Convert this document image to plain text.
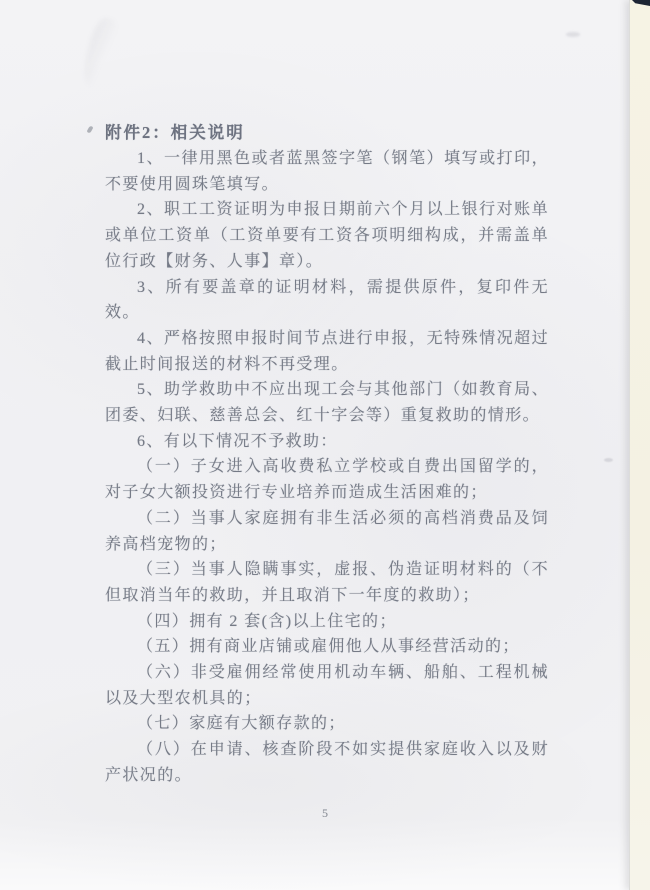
附件2：相关说明

1、一律用黑色或者蓝黑签字笔（钢笔）填写或打印，不要使用圆珠笔填写。

2、职工工资证明为申报日期前六个月以上银行对账单或单位工资单（工资单要有工资各项明细构成，并需盖单位行政【财务、人事】章）。

3、所有要盖章的证明材料，需提供原件，复印件无效。

4、严格按照申报时间节点进行申报，无特殊情况超过截止时间报送的材料不再受理。

5、助学救助中不应出现工会与其他部门（如教育局、团委、妇联、慈善总会、红十字会等）重复救助的情形。

6、有以下情况不予救助：

（一）子女进入高收费私立学校或自费出国留学的，对子女大额投资进行专业培养而造成生活困难的；

（二）当事人家庭拥有非生活必须的高档消费品及饲养高档宠物的；

（三）当事人隐瞒事实，虚报、伪造证明材料的（不但取消当年的救助，并且取消下一年度的救助）；

（四）拥有 2 套(含)以上住宅的；

（五）拥有商业店铺或雇佣他人从事经营活动的；

（六）非受雇佣经常使用机动车辆、船舶、工程机械以及大型农机具的；

（七）家庭有大额存款的；

（八）在申请、核查阶段不如实提供家庭收入以及财产状况的。

5
